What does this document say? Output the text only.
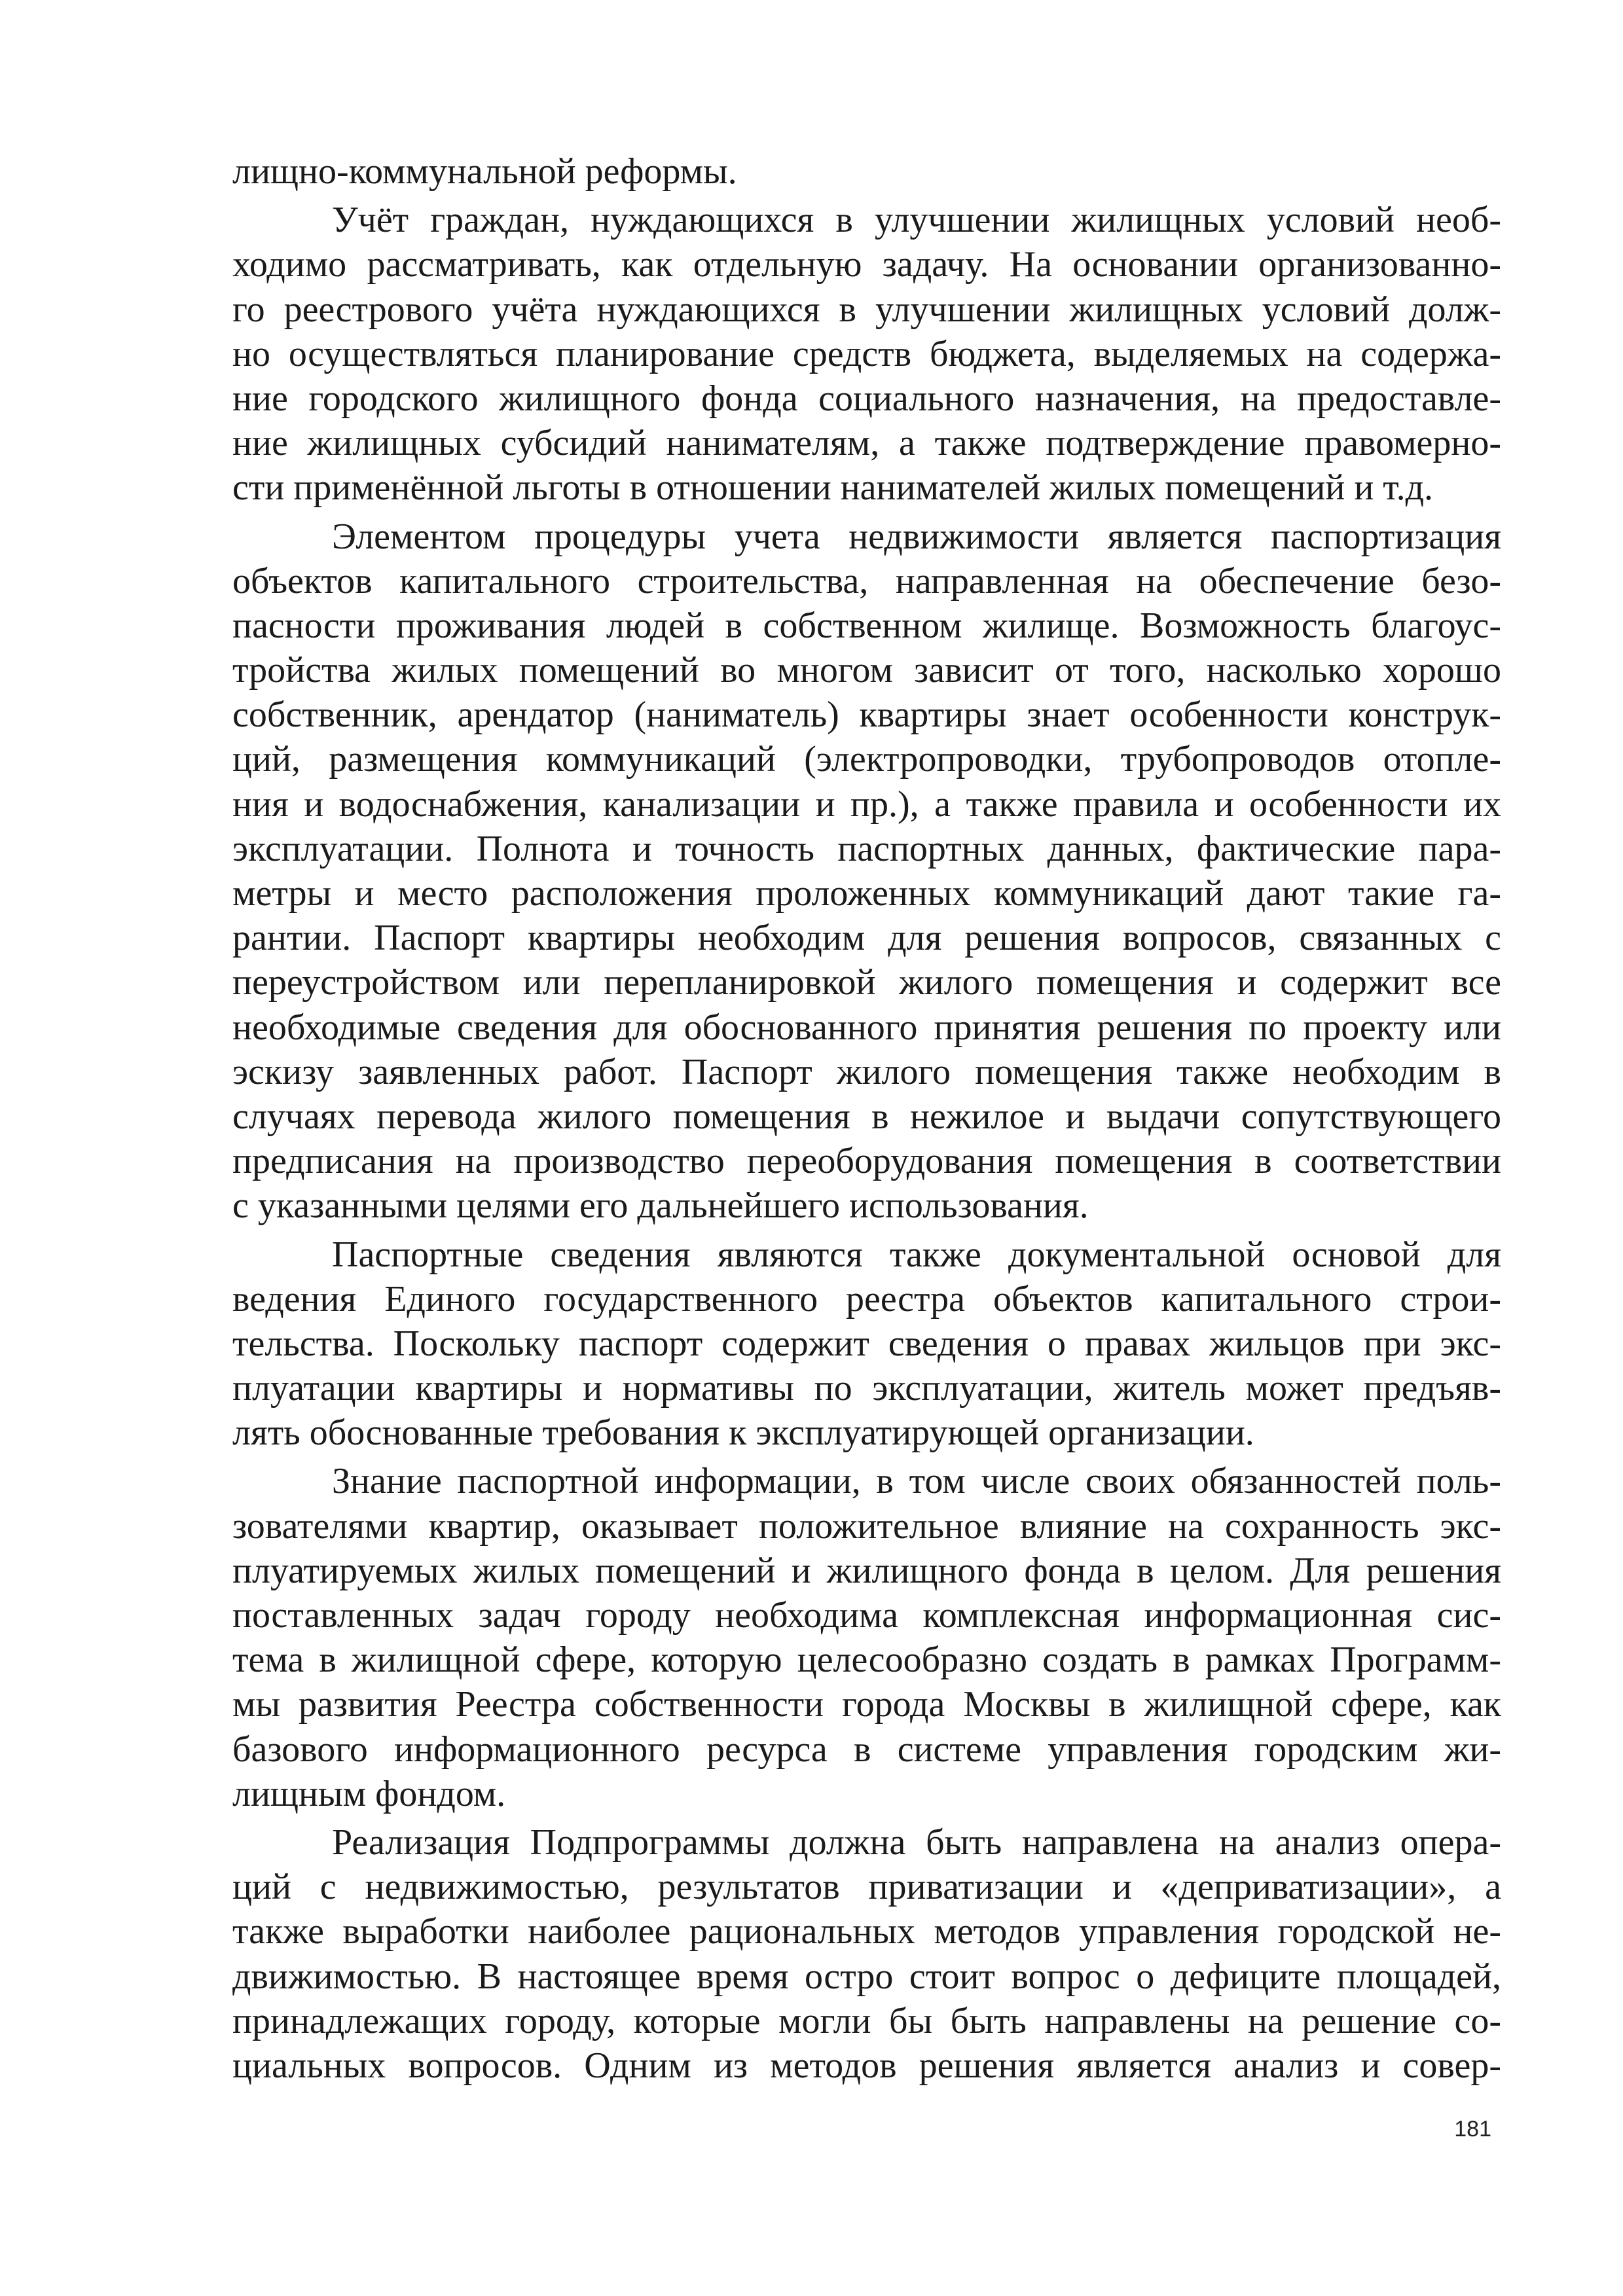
лищно-коммунальной реформы.
Учёт граждан, нуждающихся в улучшении жилищных условий необ-
ходимо рассматривать, как отдельную задачу. На основании организованно-
го реестрового учёта нуждающихся в улучшении жилищных условий долж-
но осуществляться планирование средств бюджета, выделяемых на содержа-
ние городского жилищного фонда социального назначения, на предоставле-
ние жилищных субсидий нанимателям, а также подтверждение правомерно-
сти применённой льготы в отношении нанимателей жилых помещений и т.д.
Элементом процедуры учета недвижимости является паспортизация
объектов капитального строительства, направленная на обеспечение безо-
пасности проживания людей в собственном жилище. Возможность благоус-
тройства жилых помещений во многом зависит от того, насколько хорошо
собственник, арендатор (наниматель) квартиры знает особенности конструк-
ций, размещения коммуникаций (электропроводки, трубопроводов отопле-
ния и водоснабжения, канализации и пр.), а также правила и особенности их
эксплуатации. Полнота и точность паспортных данных, фактические пара-
метры и место расположения проложенных коммуникаций дают такие га-
рантии. Паспорт квартиры необходим для решения вопросов, связанных с
переустройством или перепланировкой жилого помещения и содержит все
необходимые сведения для обоснованного принятия решения по проекту или
эскизу заявленных работ. Паспорт жилого помещения также необходим в
случаях перевода жилого помещения в нежилое и выдачи сопутствующего
предписания на производство переоборудования помещения в соответствии
с указанными целями его дальнейшего использования.
Паспортные сведения являются также документальной основой для
ведения Единого государственного реестра объектов капитального строи-
тельства. Поскольку паспорт содержит сведения о правах жильцов при экс-
плуатации квартиры и нормативы по эксплуатации, житель может предъяв-
лять обоснованные требования к эксплуатирующей организации.
Знание паспортной информации, в том числе своих обязанностей поль-
зователями квартир, оказывает положительное влияние на сохранность экс-
плуатируемых жилых помещений и жилищного фонда в целом. Для решения
поставленных задач городу необходима комплексная информационная сис-
тема в жилищной сфере, которую целесообразно создать в рамках Программ-
мы развития Реестра собственности города Москвы в жилищной сфере, как
базового информационного ресурса в системе управления городским жи-
лищным фондом.
Реализация Подпрограммы должна быть направлена на анализ опера-
ций с недвижимостью, результатов приватизации и «деприватизации», а
также выработки наиболее рациональных методов управления городской не-
движимостью. В настоящее время остро стоит вопрос о дефиците площадей,
принадлежащих городу, которые могли бы быть направлены на решение со-
циальных вопросов. Одним из методов решения является анализ и совер-
181
